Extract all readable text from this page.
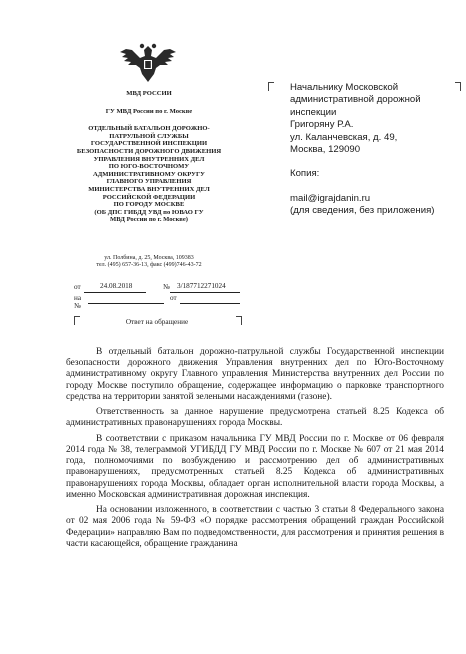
МВД РОССИИ

ГУ МВД России по г. Москве

ОТДЕЛЬНЫЙ БАТАЛЬОН ДОРОЖНО-
ПАТРУЛЬНОЙ СЛУЖБЫ
ГОСУДАРСТВЕННОЙ ИНСПЕКЦИИ
БЕЗОПАСНОСТИ ДОРОЖНОГО ДВИЖЕНИЯ
УПРАВЛЕНИЯ ВНУТРЕННИХ ДЕЛ
ПО ЮГО-ВОСТОЧНОМУ
АДМИНИСТРАТИВНОМУ ОКРУГУ
ГЛАВНОГО УПРАВЛЕНИЯ
МИНИСТЕРСТВА ВНУТРЕННИХ ДЕЛ
РОССИЙСКОЙ ФЕДЕРАЦИИ
ПО ГОРОДУ МОСКВЕ
(ОБ ДПС ГИБДД УВД по ЮВАО ГУ
МВД России по г. Москве)
ул. Полбина, д. 25, Москва, 109383
тел. (495) 657-36-13, факс (499)746-43-72
от	24.08.2018	№ 3/187712271024
на №
от
Ответ на обращение

Начальнику Московской

административной дорожной

инспекции

Григоряну Р.А.

ул. Каланчевская, д. 49,

Москва, 129090

Копия:

mail@igrajdanin.ru

(для сведения, без приложения)

В отдельный батальон дорожно-патрульной службы Государственной инспекции безопасности дорожного движения Управления внутренних дел по Юго-Восточному административному округу Главного управления Министерства внутренних дел России по городу Москве поступило обращение, содержащее информацию о парковке транспортного средства на территории занятой зелеными насаждениями (газоне).

Ответственность за данное нарушение предусмотрена статьей 8.25 Кодекса об административных правонарушениях города Москвы.

В соответствии с приказом начальника ГУ МВД России по г. Москве от 06 февраля 2014 года № 38, телеграммой УГИБДД ГУ МВД России по г. Москве № 607 от 21 мая 2014 года, полномочиями по возбуждению и рассмотрению дел об административных правонарушениях, предусмотренных статьей 8.25 Кодекса об административных правонарушениях города Москвы, обладает орган исполнительной власти города Москвы, а именно Московская административная дорожная инспекция.

На основании изложенного, в соответствии с частью 3 статьи 8 Федерального закона от 02 мая 2006 года № 59-ФЗ «О порядке рассмотрения обращений граждан Российской Федерации» направляю Вам по подведомственности, для рассмотрения и принятия решения в части касающейся, обращение гражданина
